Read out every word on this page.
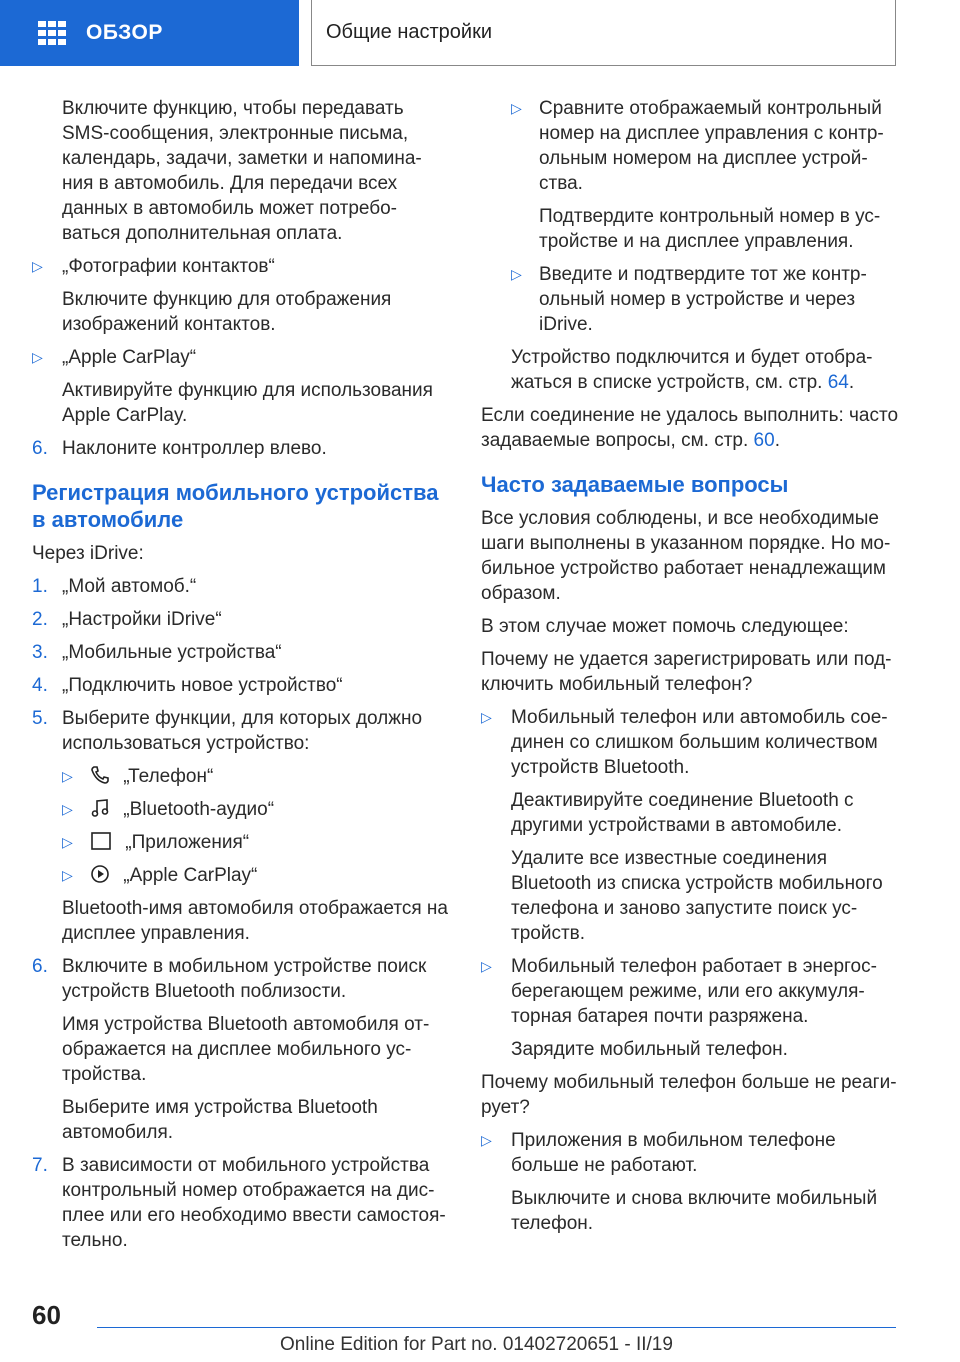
ОБЗОР	Общие настройки
Включите функцию, чтобы передавать SMS-сообщения, электронные письма, календарь, задачи, заметки и напомина-ния в автомобиль. Для передачи всех данных в автомобиль может потребо-ваться дополнительная оплата.
▷ „Фотографии контактов“
Включите функцию для отображения изображений контактов.
▷ „Apple CarPlay“
Активируйте функцию для использования Apple CarPlay.
6. Наклоните контроллер влево.
Регистрация мобильного устройства в автомобиле
Через iDrive:
1. „Мой автомоб.“
2. „Настройки iDrive“
3. „Мобильные устройства“
4. „Подключить новое устройство“
5. Выберите функции, для которых должно использоваться устройство:
▷	„Телефон“
▷	„Bluetooth-аудио“
▷	„Приложения“
▷	„Apple CarPlay“
Bluetooth-имя автомобиля отображается на дисплее управления.
6. Включите в мобильном устройстве поиск устройств Bluetooth поблизости.
Имя устройства Bluetooth автомобиля от-ображается на дисплее мобильного ус-тройства.
Выберите имя устройства Bluetooth автомобиля.
7. В зависимости от мобильного устройства контрольный номер отображается на дис-плее или его необходимо ввести самостоя-тельно.
▷ Сравните отображаемый контрольный номер на дисплее управления с контр-ольным номером на дисплее устрой-ства.
Подтвердите контрольный номер в ус-тройстве и на дисплее управления.
▷ Введите и подтвердите тот же контр-ольный номер в устройстве и через iDrive.
Устройство подключится и будет отобра-жаться в списке устройств, см. стр. 64.
Если соединение не удалось выполнить: часто задаваемые вопросы, см. стр. 60.
Часто задаваемые вопросы
Все условия соблюдены, и все необходимые шаги выполнены в указанном порядке. Но мо-бильное устройство работает ненадлежащим образом.
В этом случае может помочь следующее:
Почему не удается зарегистрировать или под-ключить мобильный телефон?
▷ Мобильный телефон или автомобиль сое-динен со слишком большим количеством устройств Bluetooth.
Деактивируйте соединение Bluetooth с другими устройствами в автомобиле.
Удалите все известные соединения Bluetooth из списка устройств мобильного телефона и заново запустите поиск ус-тройств.
▷ Мобильный телефон работает в энергос-берегающем режиме, или его аккумуля-торная батарея почти разряжена.
Зарядите мобильный телефон.
Почему мобильный телефон больше не реаги-рует?
▷ Приложения в мобильном телефоне больше не работают.
Выключите и снова включите мобильный телефон.
60
Online Edition for Part no. 01402720651 - II/19
